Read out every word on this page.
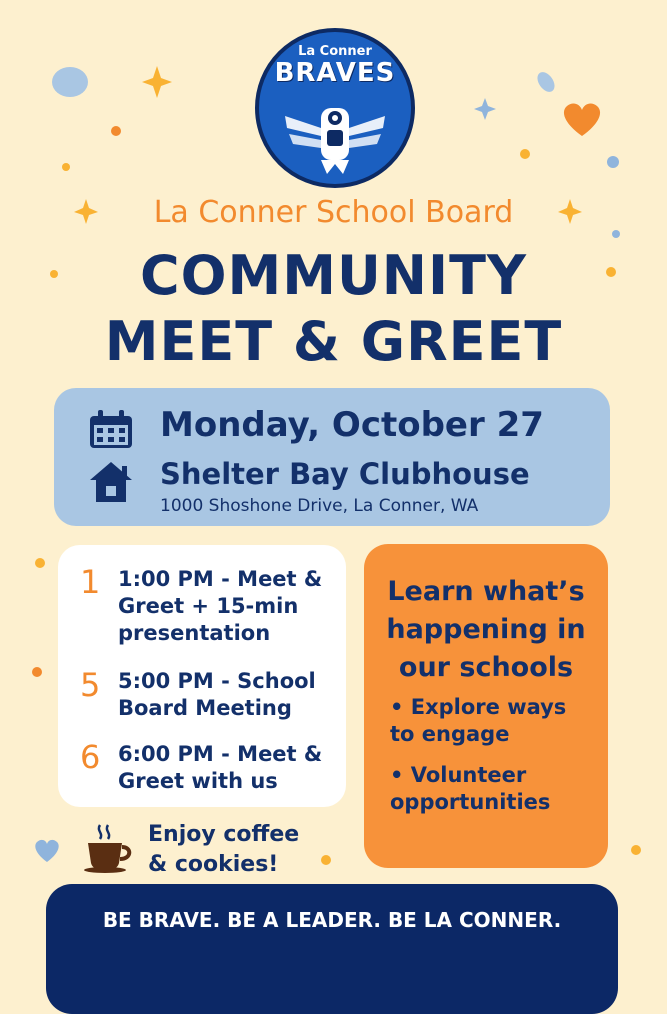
La Conner
BRAVES
La Conner School Board
COMMUNITY
MEET & GREET
Monday, October 27
Shelter Bay Clubhouse
1000 Shoshone Drive, La Conner, WA
1 1:00 PM - Meet & Greet + 15-min presentation
5 5:00 PM - School Board Meeting
6 6:00 PM - Meet & Greet with us
Learn what’s happening in our schools
• Explore ways to engage
• Volunteer opportunities
Enjoy coffee & cookies!
BE BRAVE. BE A LEADER. BE LA CONNER.
